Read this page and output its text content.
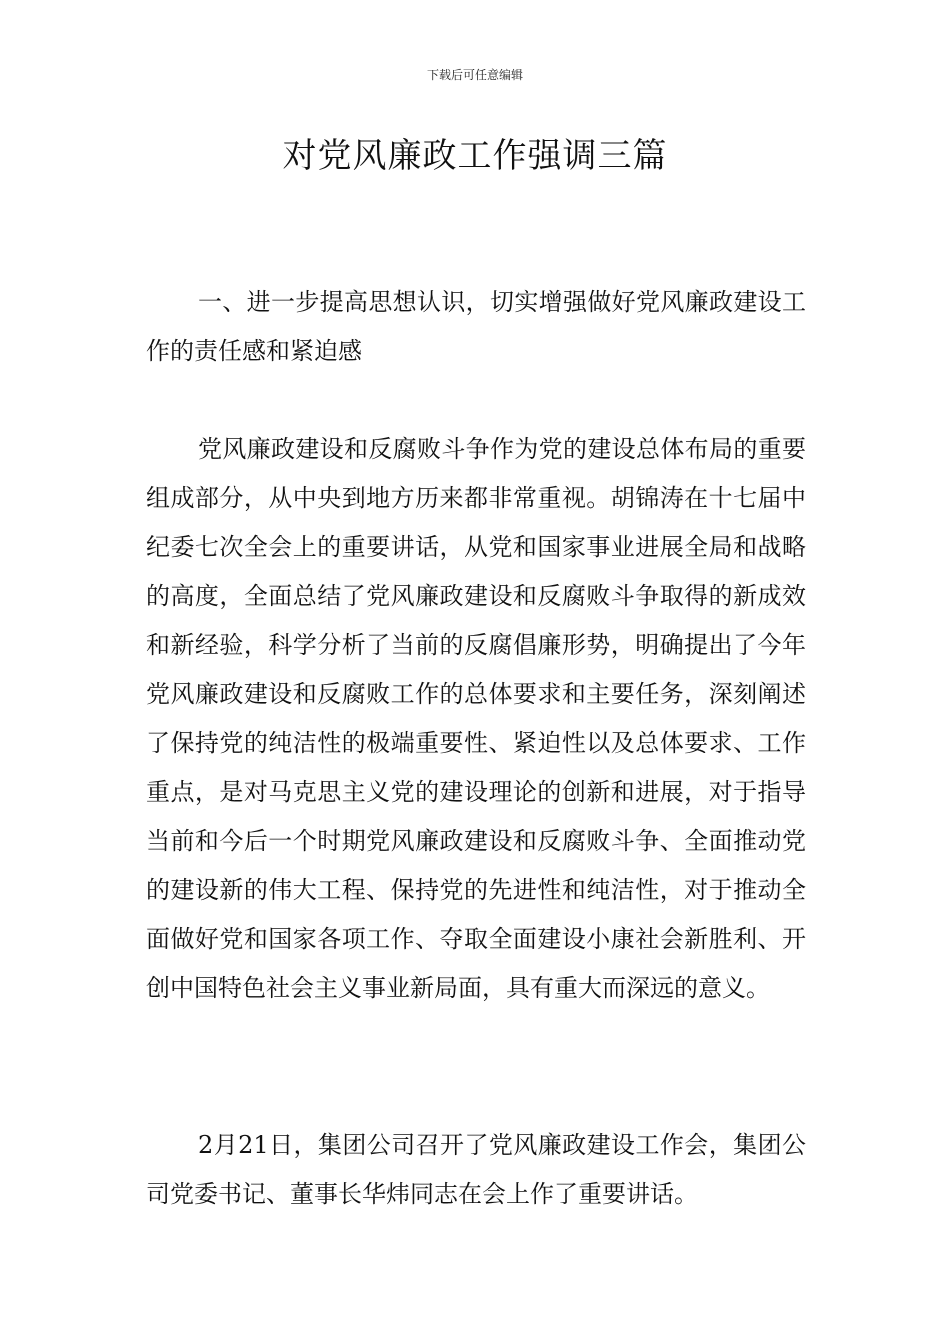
下载后可任意编辑
对党风廉政工作强调三篇

一、进一步提高思想认识，切实增强做好党风廉政建设工作的责任感和紧迫感

党风廉政建设和反腐败斗争作为党的建设总体布局的重要组成部分，从中央到地方历来都非常重视。胡锦涛在十七届中纪委七次全会上的重要讲话，从党和国家事业进展全局和战略的高度，全面总结了党风廉政建设和反腐败斗争取得的新成效和新经验，科学分析了当前的反腐倡廉形势，明确提出了今年党风廉政建设和反腐败工作的总体要求和主要任务，深刻阐述了保持党的纯洁性的极端重要性、紧迫性以及总体要求、工作重点，是对马克思主义党的建设理论的创新和进展，对于指导当前和今后一个时期党风廉政建设和反腐败斗争、全面推动党的建设新的伟大工程、保持党的先进性和纯洁性，对于推动全面做好党和国家各项工作、夺取全面建设小康社会新胜利、开创中国特色社会主义事业新局面，具有重大而深远的意义。

2月21日，集团公司召开了党风廉政建设工作会，集团公司党委书记、董事长华炜同志在会上作了重要讲话。
